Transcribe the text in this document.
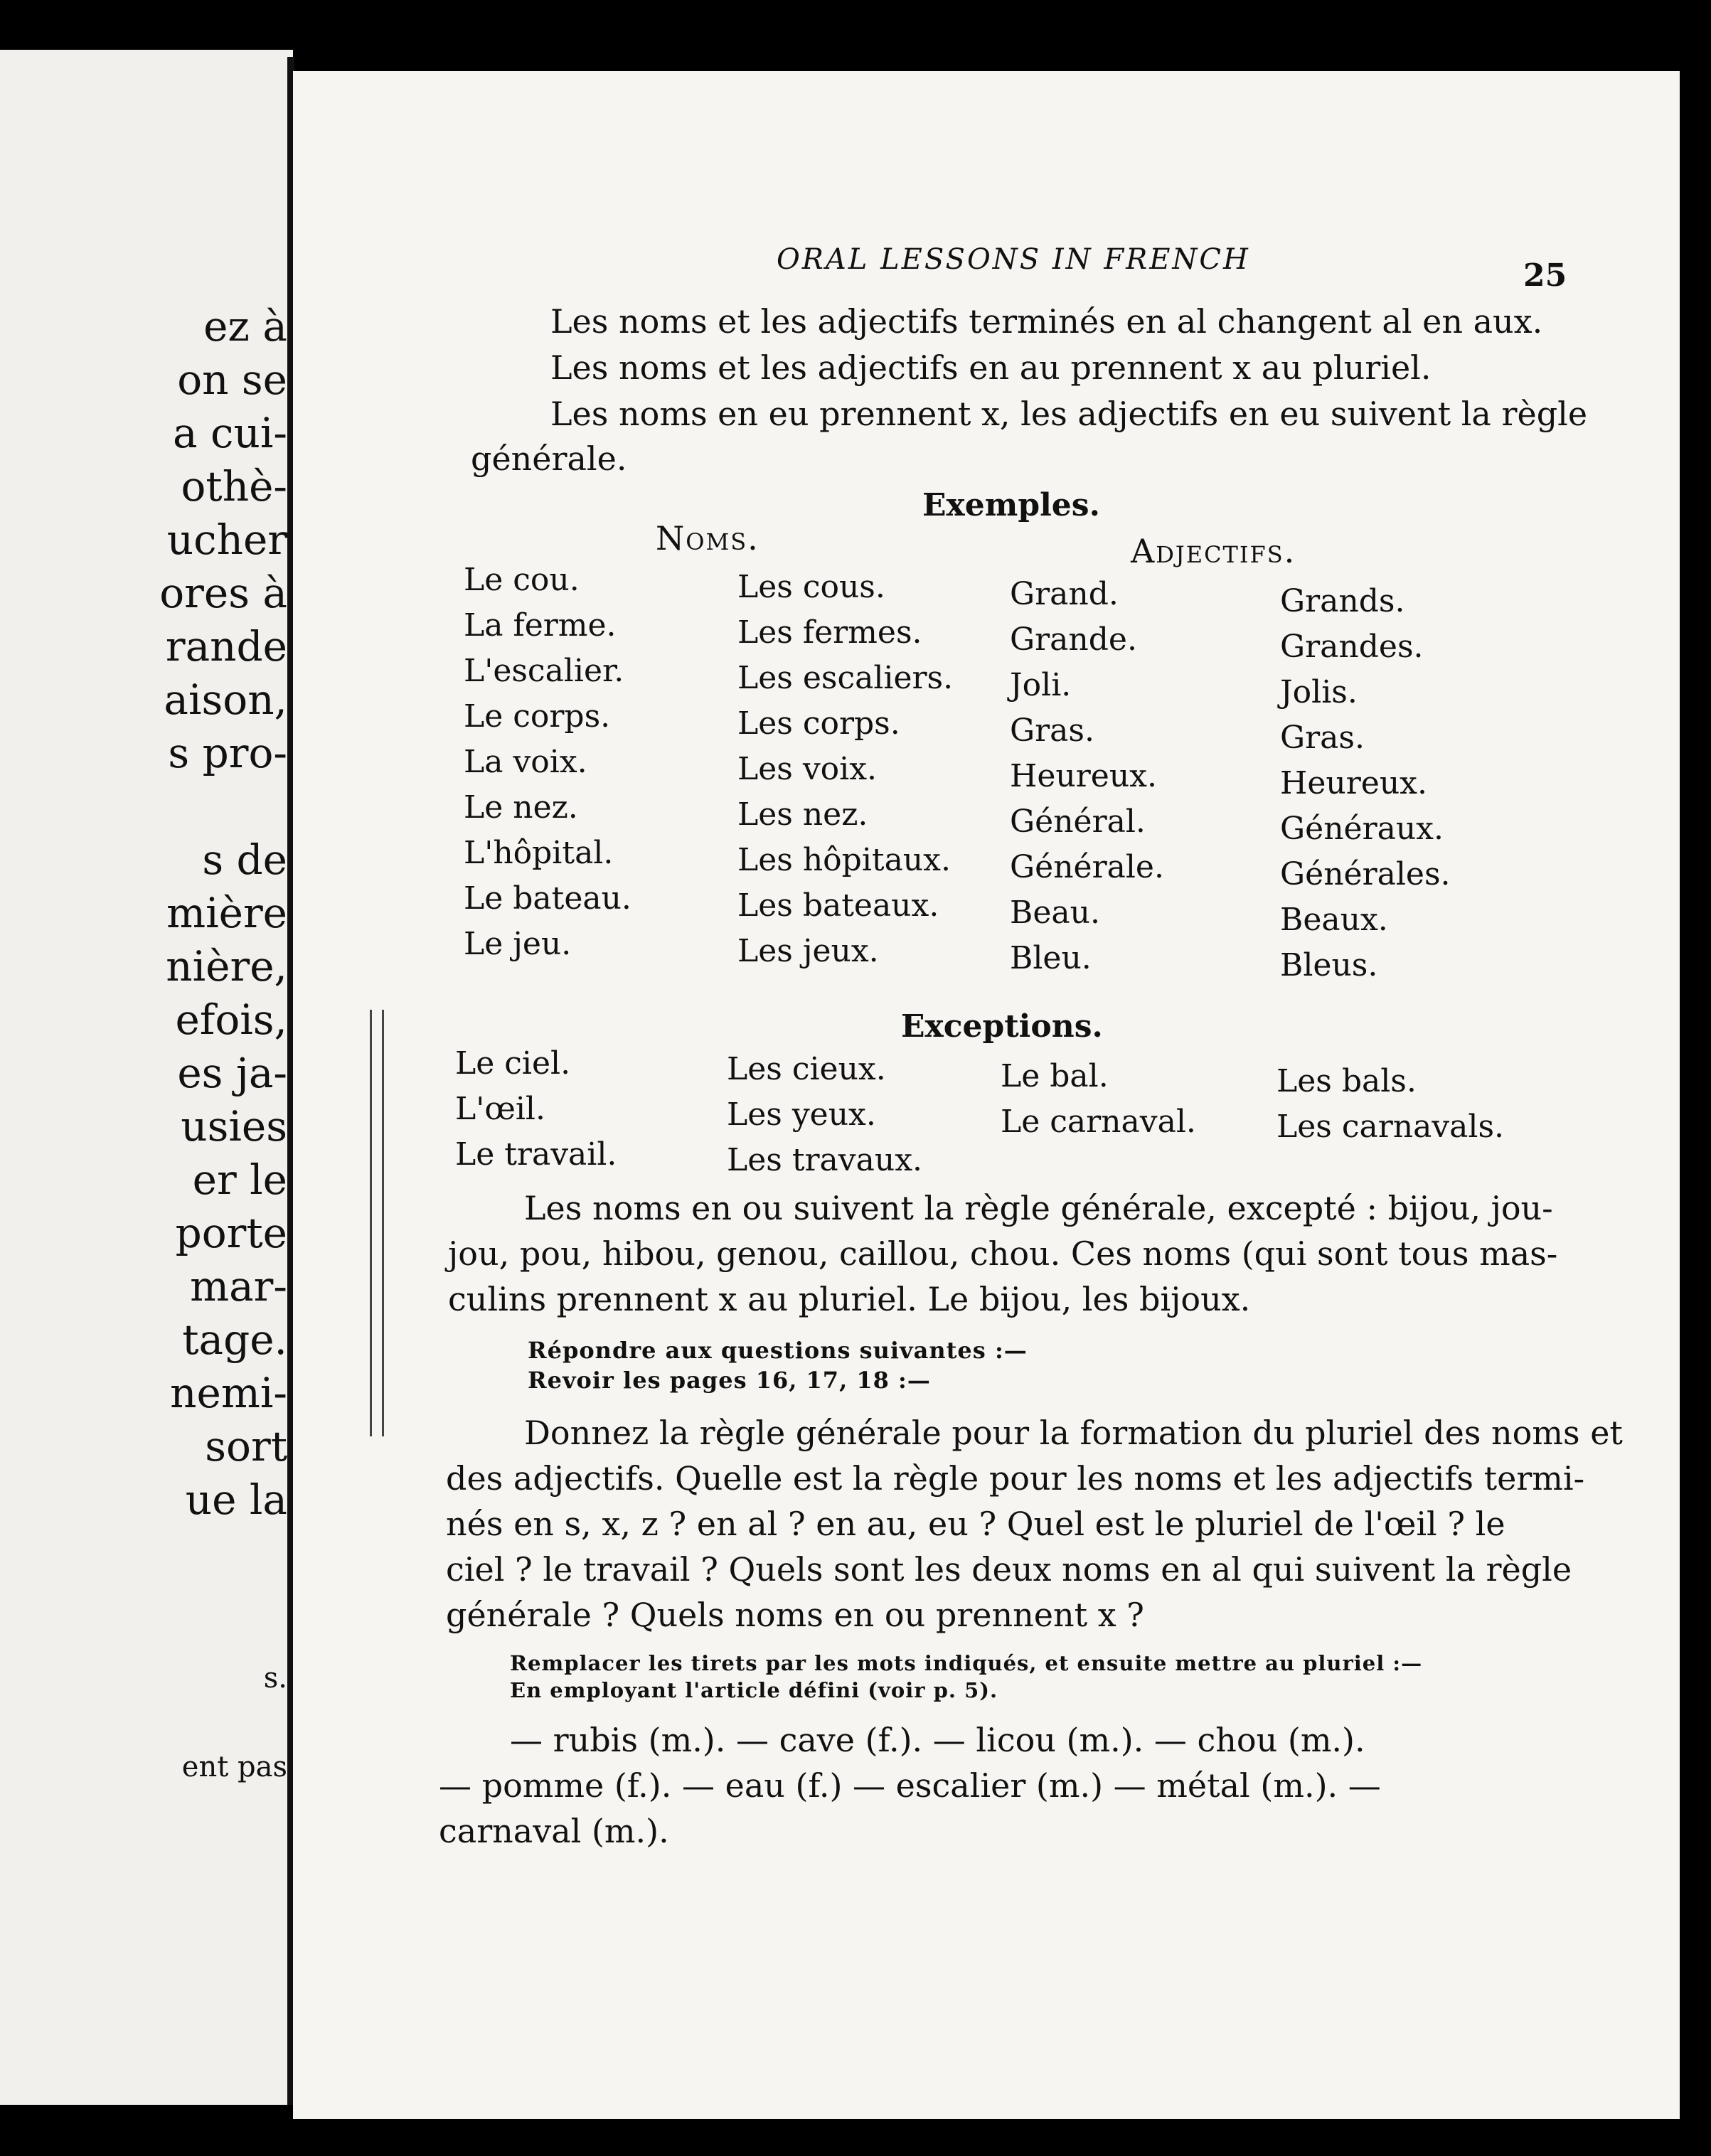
ez à
on se
a cui-
othè-
ucher
ores à
rande
aison,
s pro-
s de
mière
nière,
efois,
es ja-
usies
er le
porte
mar-
tage.
nemi-
sort
ue la
s.
ent pas
ORAL LESSONS IN FRENCH	25
Les noms et les adjectifs terminés en al changent al en aux.
Les noms et les adjectifs en au prennent x au pluriel.
Les noms en eu prennent x, les adjectifs en eu suivent la règle
générale.
Exemples.
Noms.	Adjectifs.
Le cou.
La ferme.
L'escalier.
Le corps.
La voix.
Le nez.
L'hôpital.
Le bateau.
Le jeu.
Les cous.
Les fermes.
Les escaliers.
Les corps.
Les voix.
Les nez.
Les hôpitaux.
Les bateaux.
Les jeux.
Grand.
Grande.
Joli.
Gras.
Heureux.
Général.
Générale.
Beau.
Bleu.
Grands.
Grandes.
Jolis.
Gras.
Heureux.
Généraux.
Générales.
Beaux.
Bleus.
Exceptions.
Le ciel.
L'œil.
Le travail.
Les cieux.
Les yeux.
Les travaux.
Le bal.
Le carnaval.
Les bals.
Les carnavals.
Les noms en ou suivent la règle générale, excepté : bijou, jou-
jou, pou, hibou, genou, caillou, chou. Ces noms (qui sont tous mas-
culins prennent x au pluriel. Le bijou, les bijoux.
Répondre aux questions suivantes :—
Revoir les pages 16, 17, 18 :—
Donnez la règle générale pour la formation du pluriel des noms et
des adjectifs. Quelle est la règle pour les noms et les adjectifs termi-
nés en s, x, z ? en al ? en au, eu ? Quel est le pluriel de l'œil ? le
ciel ? le travail ? Quels sont les deux noms en al qui suivent la règle
générale ? Quels noms en ou prennent x ?
Remplacer les tirets par les mots indiqués, et ensuite mettre au pluriel :—
En employant l'article défini (voir p. 5).
— rubis (m.). — cave (f.). — licou (m.). — chou (m.).
— pomme (f.). — eau (f.) — escalier (m.) — métal (m.). —
carnaval (m.).
